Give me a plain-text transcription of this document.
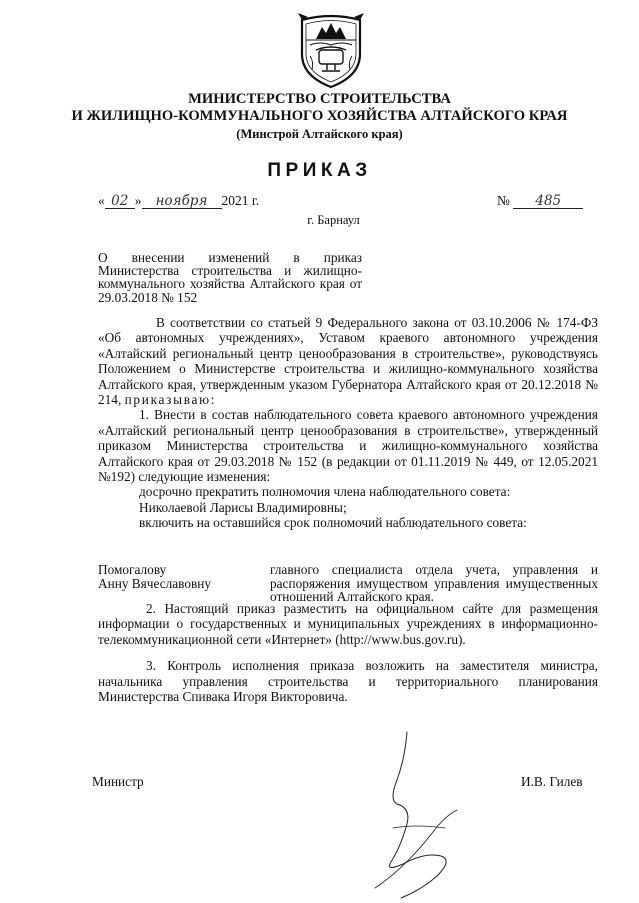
МИНИСТЕРСТВО СТРОИТЕЛЬСТВА
И ЖИЛИЩНО-КОММУНАЛЬНОГО ХОЗЯЙСТВА АЛТАЙСКОГО КРАЯ
(Минстрой Алтайского края)
ПРИКАЗ
« 02 » ноября 2021 г.	№ 485
г. Барнаул
О внесении изменений в приказ Министерства строительства и жилищно-коммунального хозяйства Алтайского края от 29.03.2018 № 152

В соответствии со статьей 9 Федерального закона от 03.10.2006 № 174-ФЗ «Об автономных учреждениях», Уставом краевого автономного учреждения «Алтайский региональный центр ценообразования в строительстве», руководствуясь Положением о Министерстве строительства и жилищно-коммунального хозяйства Алтайского края, утвержденным указом Губернатора Алтайского края от 20.12.2018 № 214, приказываю:

1. Внести в состав наблюдательного совета краевого автономного учреждения «Алтайский региональный центр ценообразования в строительстве», утвержденный приказом Министерства строительства и жилищно-коммунального хозяйства Алтайского края от 29.03.2018 № 152 (в редакции от 01.11.2019 № 449, от 12.05.2021 №192) следующие изменения:

досрочно прекратить полномочия члена наблюдательного совета:

Николаевой Ларисы Владимировны;

включить на оставшийся срок полномочий наблюдательного совета:

Помогалову
Анну Вячеславовну
главного специалиста отдела учета, управления и распоряжения имуществом управления имущественных отношений Алтайского края.

2. Настоящий приказ разместить на официальном сайте для размещения информации о государственных и муниципальных учреждениях в информационно-телекоммуникационной сети «Интернет» (http://www.bus.gov.ru).

3. Контроль исполнения приказа возложить на заместителя министра, начальника управления строительства и территориального планирования Министерства Спивака Игоря Викторовича.

Министр	И.В. Гилев
